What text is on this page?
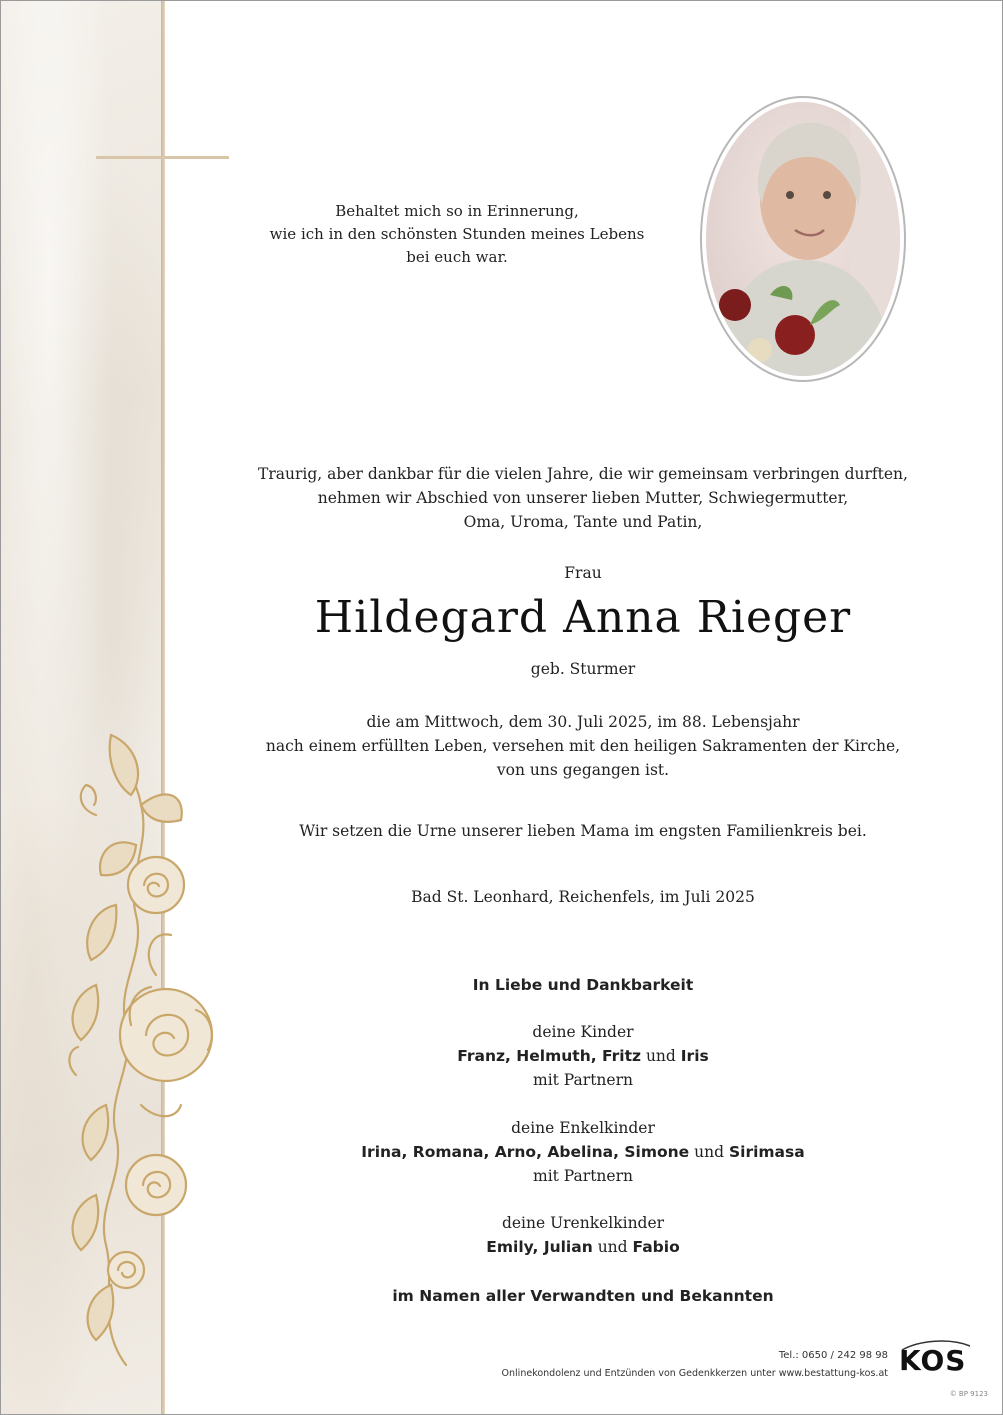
Behaltet mich so in Erinnerung,
wie ich in den schönsten Stunden meines Lebens
bei euch war.
Traurig, aber dankbar für die vielen Jahre, die wir gemeinsam verbringen durften,
nehmen wir Abschied von unserer lieben Mutter, Schwiegermutter,
Oma, Uroma, Tante und Patin,
Frau
Hildegard Anna Rieger
geb. Sturmer
die am Mittwoch, dem 30. Juli 2025, im 88. Lebensjahr
nach einem erfüllten Leben, versehen mit den heiligen Sakramenten der Kirche,
von uns gegangen ist.
Wir setzen die Urne unserer lieben Mama im engsten Familienkreis bei.
Bad St. Leonhard, Reichenfels, im Juli 2025
In Liebe und Dankbarkeit
deine Kinder
Franz, Helmuth, Fritz und Iris
mit Partnern
deine Enkelkinder
Irina, Romana, Arno, Abelina, Simone und Sirimasa
mit Partnern
deine Urenkelkinder
Emily, Julian und Fabio
im Namen aller Verwandten und Bekannten
Tel.: 0650 / 242 98 98
Onlinekondolenz und Entzünden von Gedenkkerzen unter www.bestattung-kos.at KOS
© BP 9123
